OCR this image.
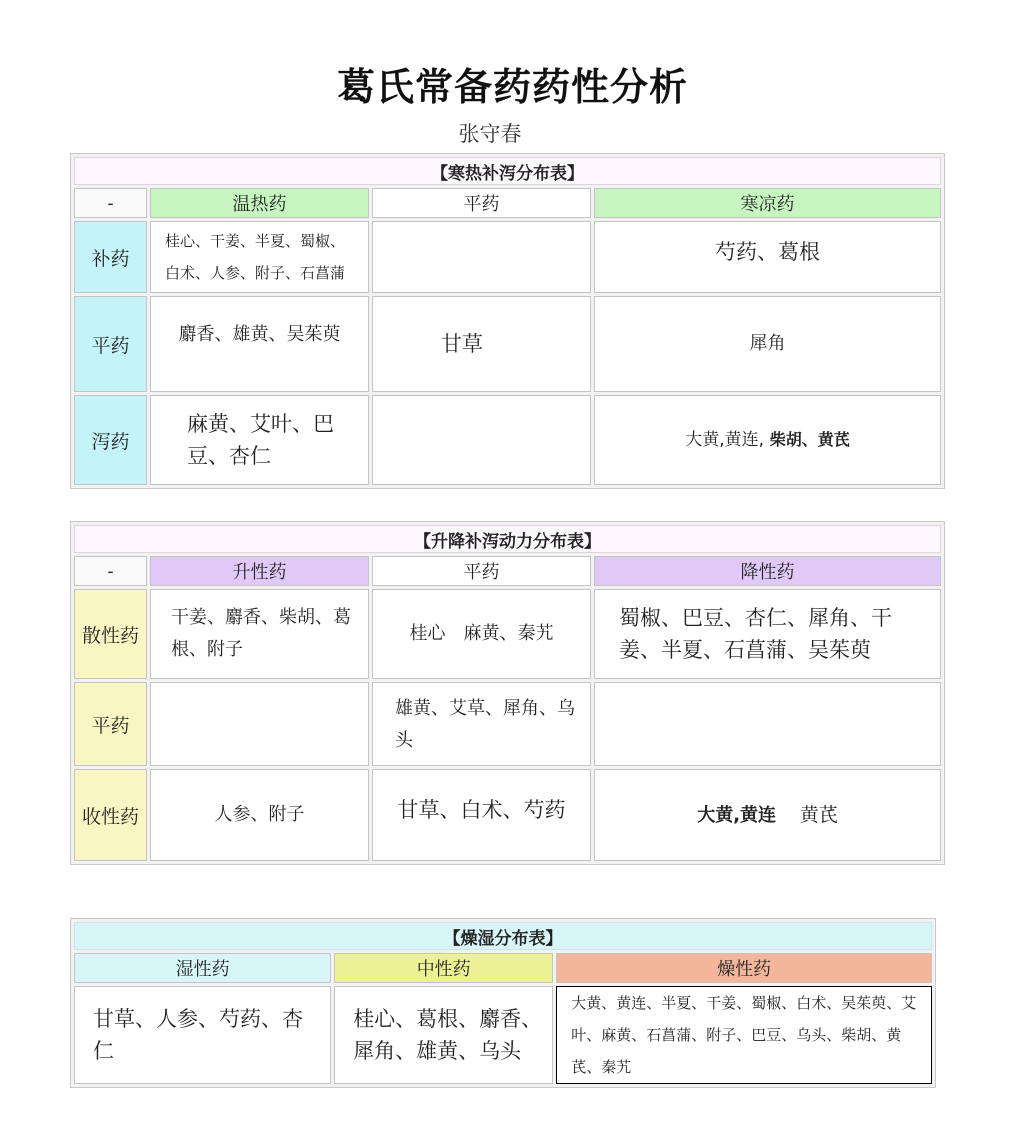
葛氏常备药药性分析
张守春
【寒热补泻分布表】			
-	温热药	平药	寒凉药
补药	桂心、干姜、半夏、蜀椒、白术、人参、附子、石菖蒲		芍药、葛根
平药	麝香、雄黄、吴茱萸	甘草	犀角
泻药	麻黄、艾叶、巴豆、杏仁		大黄,黄连, 柴胡、黄芪
【升降补泻动力分布表】			
-	升性药	平药	降性药
散性药	干姜、麝香、柴胡、葛根、附子	桂心　麻黄、秦艽	蜀椒、巴豆、杏仁、犀角、干姜、半夏、石菖蒲、吴茱萸
平药		雄黄、艾草、犀角、乌头	
收性药	人参、附子	甘草、白术、芍药	大黄,黄连　 黄芪
【燥湿分布表】		
湿性药	中性药	燥性药
甘草、人参、芍药、杏仁	桂心、葛根、麝香、犀角、雄黄、乌头	大黄、黄连、半夏、干姜、蜀椒、白术、吴茱萸、艾叶、麻黄、石菖蒲、附子、巴豆、乌头、柴胡、黄芪、秦艽
